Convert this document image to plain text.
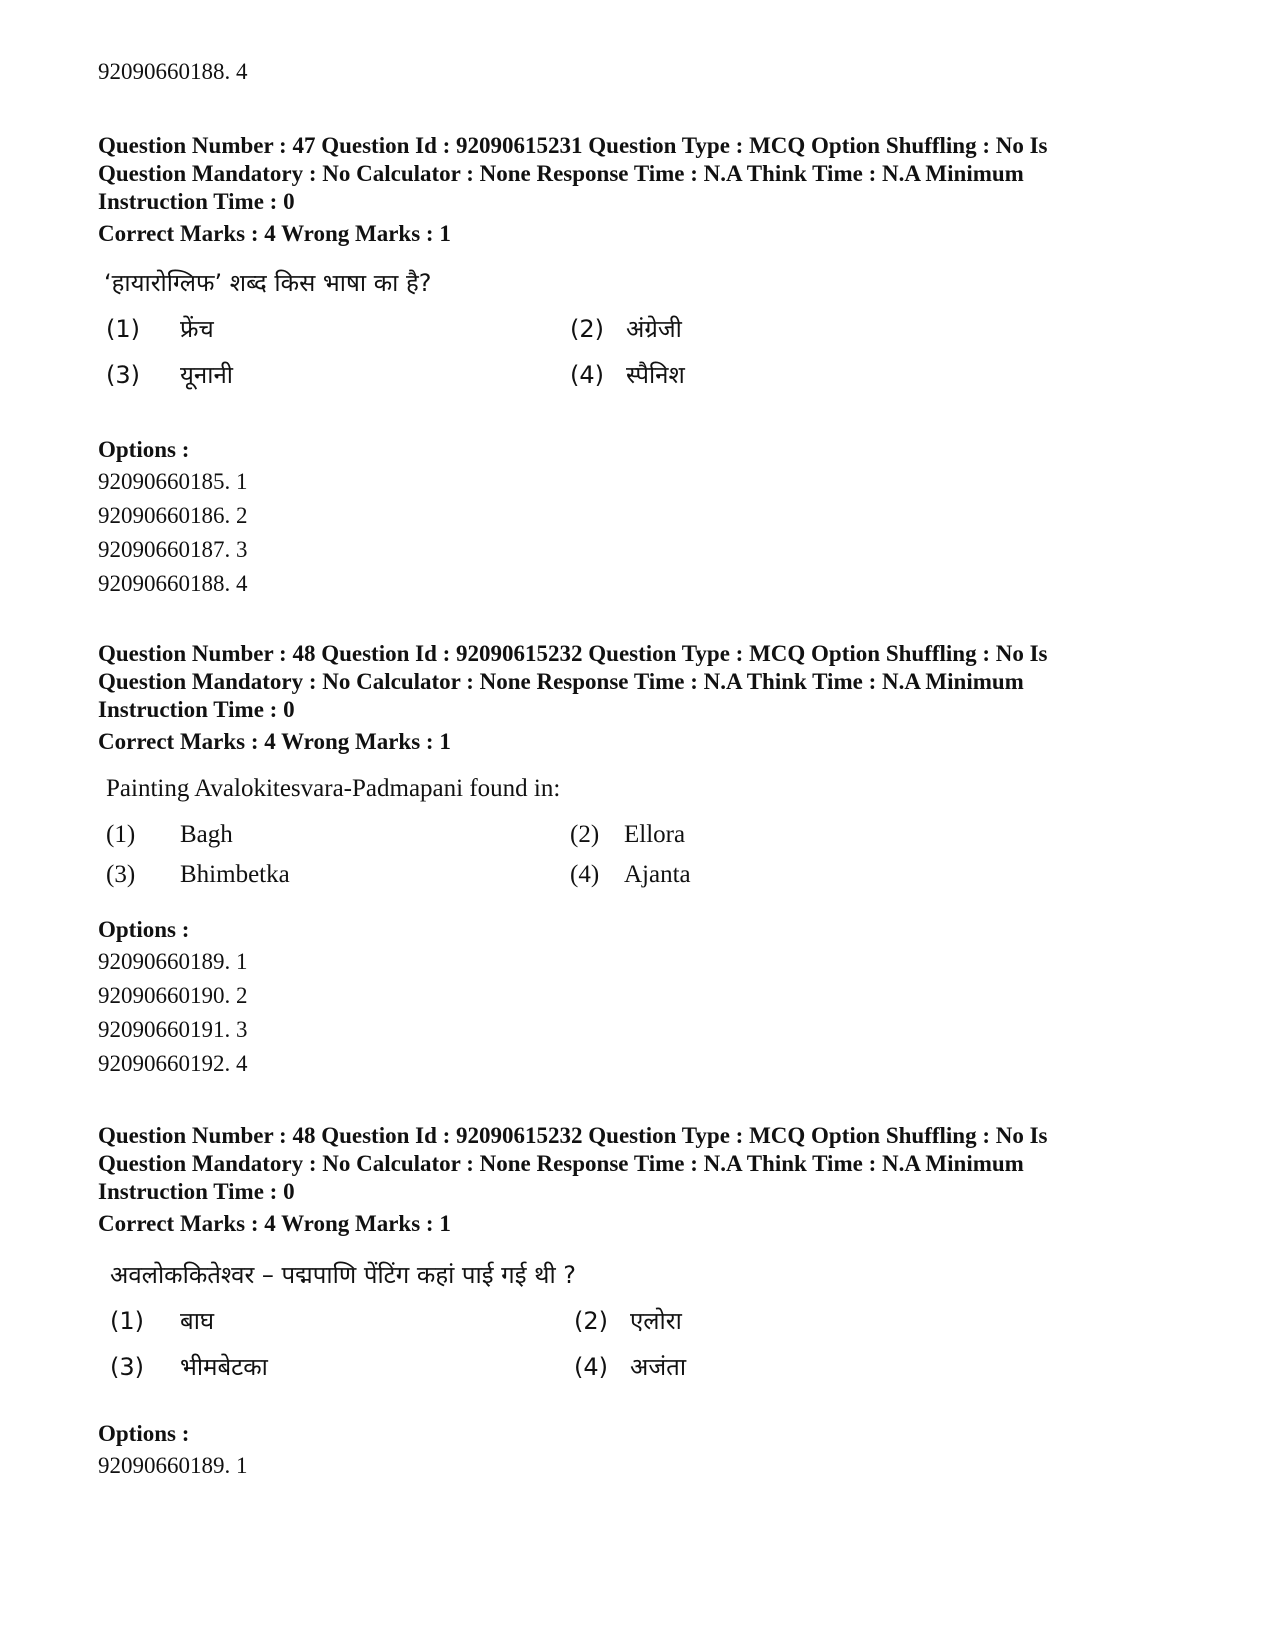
92090660188. 4
Question Number : 47 Question Id : 92090615231 Question Type : MCQ Option Shuffling : No Is
Question Mandatory : No Calculator : None Response Time : N.A Think Time : N.A Minimum
Instruction Time : 0
Correct Marks : 4 Wrong Marks : 1
‘हायारोग्लिफ’ शब्द किस भाषा का है?
(1) फ्रेंच	(2) अंग्रेजी
(3) यूनानी	(4) स्पैनिश
Options :
92090660185. 1
92090660186. 2
92090660187. 3
92090660188. 4
Question Number : 48 Question Id : 92090615232 Question Type : MCQ Option Shuffling : No Is
Question Mandatory : No Calculator : None Response Time : N.A Think Time : N.A Minimum
Instruction Time : 0
Correct Marks : 4 Wrong Marks : 1
Painting Avalokitesvara-Padmapani found in:
(1) Bagh	(2) Ellora
(3) Bhimbetka	(4) Ajanta
Options :
92090660189. 1
92090660190. 2
92090660191. 3
92090660192. 4
Question Number : 48 Question Id : 92090615232 Question Type : MCQ Option Shuffling : No Is
Question Mandatory : No Calculator : None Response Time : N.A Think Time : N.A Minimum
Instruction Time : 0
Correct Marks : 4 Wrong Marks : 1
अवलोककितेश्वर – पद्मपाणि पेंटिंग कहां पाई गई थी ?
(1) बाघ	(2) एलोरा
(3) भीमबेटका	(4) अजंता
Options :
92090660189. 1
